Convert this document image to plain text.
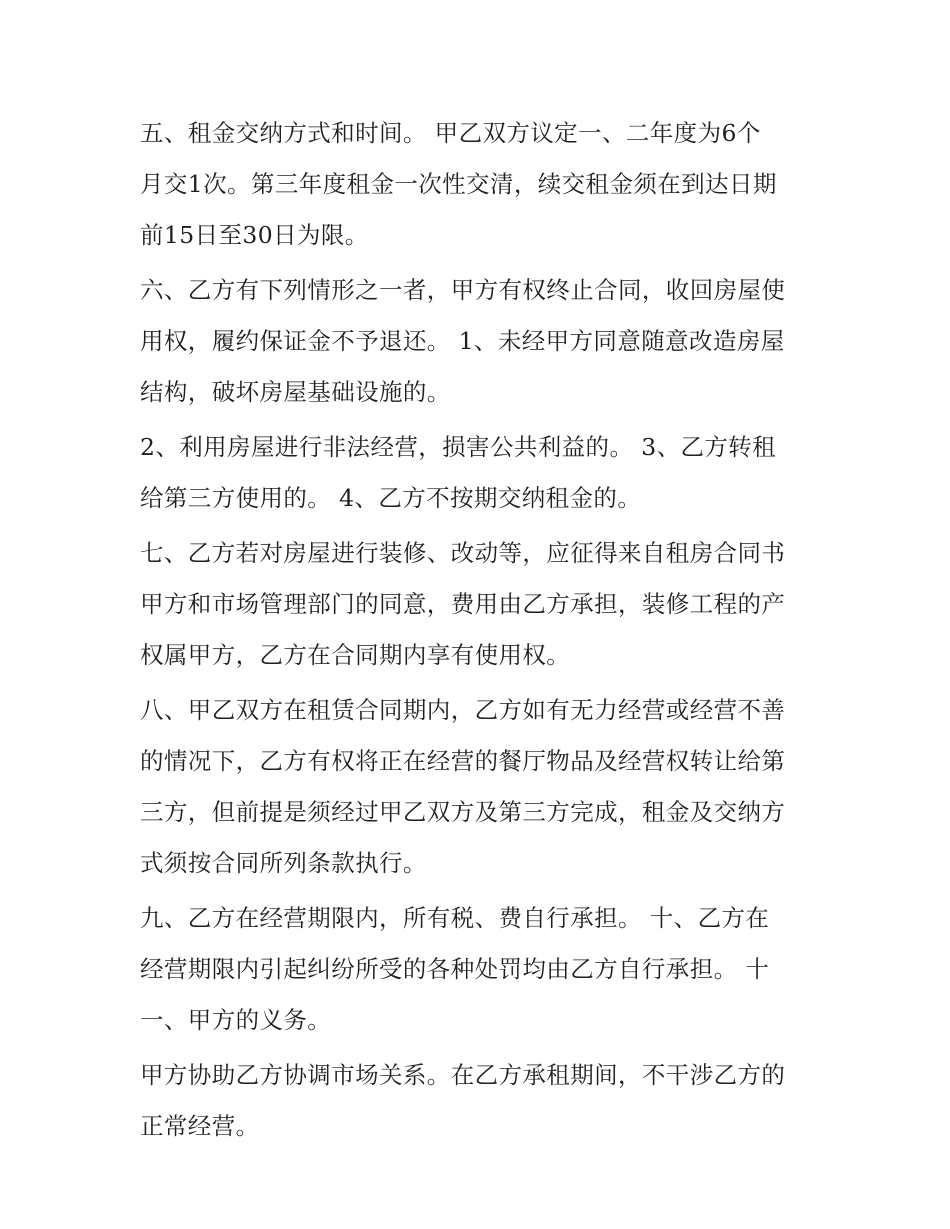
五、租金交纳方式和时间。 甲乙双方议定一、二年度为6个
月交1次。第三年度租金一次性交清，续交租金须在到达日期
前15日至30日为限。
六、乙方有下列情形之一者，甲方有权终止合同，收回房屋使
用权，履约保证金不予退还。 1、未经甲方同意随意改造房屋
结构，破坏房屋基础设施的。
2、利用房屋进行非法经营，损害公共利益的。 3、乙方转租
给第三方使用的。 4、乙方不按期交纳租金的。
七、乙方若对房屋进行装修、改动等，应征得来自租房合同书
甲方和市场管理部门的同意，费用由乙方承担，装修工程的产
权属甲方，乙方在合同期内享有使用权。
八、甲乙双方在租赁合同期内，乙方如有无力经营或经营不善
的情况下，乙方有权将正在经营的餐厅物品及经营权转让给第
三方，但前提是须经过甲乙双方及第三方完成，租金及交纳方
式须按合同所列条款执行。
九、乙方在经营期限内，所有税、费自行承担。 十、乙方在
经营期限内引起纠纷所受的各种处罚均由乙方自行承担。 十
一、甲方的义务。
甲方协助乙方协调市场关系。在乙方承租期间，不干涉乙方的
正常经营。
